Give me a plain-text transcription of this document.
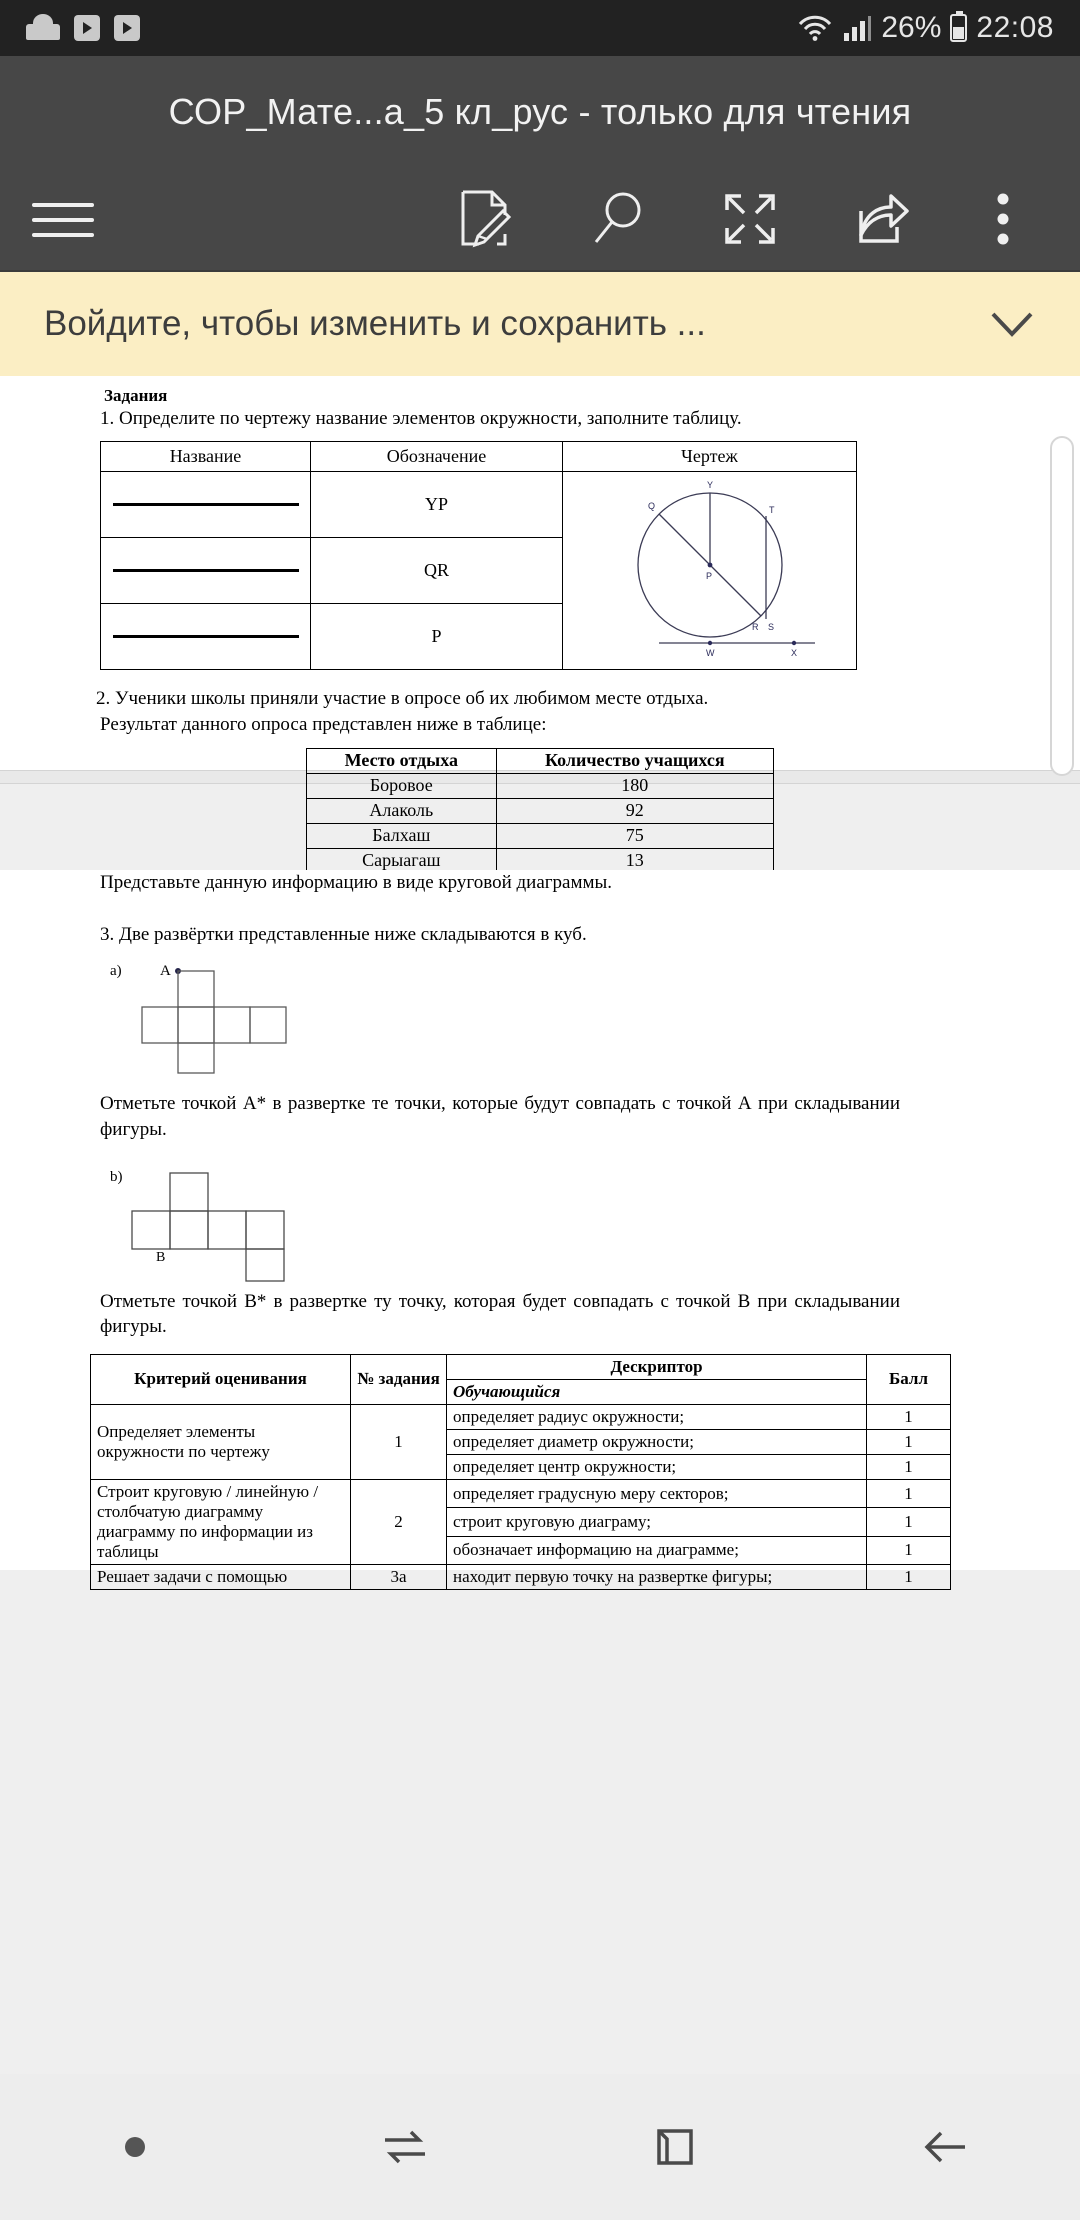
26% 22:08
СОР_Мате...а_5 кл_рус - только для чтения
Войдите, чтобы изменить и сохранить ...
Задания
1. Определите по чертежу название элементов окружности, заполните таблицу.
Название	Обозначение	Чертеж

	YP	
Y
Q
P
T
R S
W	X

	QR	

	P	
2. Ученики школы приняли участие в опросе об их любимом месте отдыха.
Результат данного опроса представлен ниже в таблице:
Место отдыха	Количество учащихся
Боровое	180
Алаколь	92
Балхаш	75
Сарыагаш	13
Представьте данную информацию в виде круговой диаграммы.
3. Две развёртки представленные ниже складываются в куб.
а)	А
Отметьте точкой А* в развертке те точки, которые будут совпадать с точкой А при складывании фигуры.
b)
B
Отметьте точкой В* в развертке ту точку, которая будет совпадать с точкой В при складывании фигуры.
Критерий оценивания	№ задания	Дескриптор	Балл
		Обучающийся	
Определяет элементы окружности по чертежу	1	определяет радиус окружности;	1
		определяет диаметр окружности;	1
		определяет центр окружности;	1
Строит круговую / линейную / столбчатую диаграмму диаграмму по информации из таблицы	2	определяет градусную меру секторов;	1
		строит круговую диаграму;	1
		обозначает информацию на диаграмме;	1
Решает задачи с помощью	3а	находит первую точку на развертке фигуры;	1
